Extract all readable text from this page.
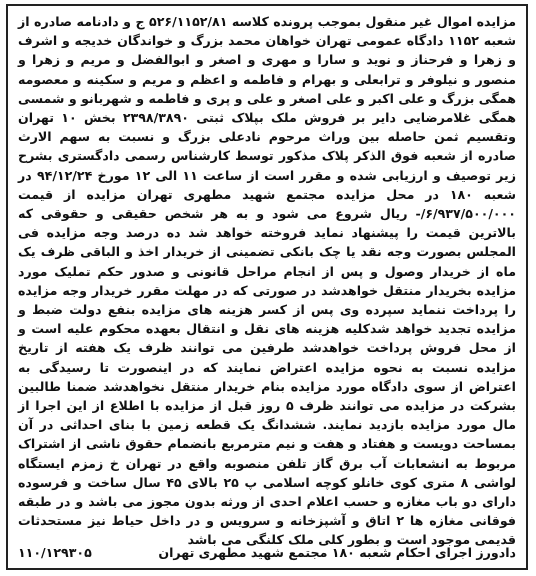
مزایده اموال غیر منقول بموجب پرونده کلاسه ۵۲۶/۱۱۵۲/۸۱ ج و دادنامه صادره از شعبه ۱۱۵۲ دادگاه عمومی تهران خواهان محمد بزرگ و خواندگان خدیجه و اشرف و زهرا و فرحناز و نوید و سارا و مهری و اصغر و ابوالفضل و مریم و زهرا و منصور و نیلوفر و ترابعلی و بهرام و فاطمه و اعظم و مریم و سکینه و معصومه همگی بزرگ و علی اکبر و علی اصغر و علی و پری و فاطمه و شهربانو و شمسی همگی غلامرضایی دایر بر فروش ملک بپلاک ثبتی ۲۳۹۸/۳۸۹۰ بخش ۱۰ تهران وتقسیم ثمن حاصله بین وراث مرحوم نادعلی بزرگ و نسبت به سهم الارث صادره از شعبه فوق الذکر پلاک مذکور توسط کارشناس رسمی دادگستری بشرح زیر توصیف و ارزیابی شده و مقرر است از ساعت ۱۱ الی ۱۲ مورخ ۹۴/۱۲/۲۴ در شعبه ۱۸۰ در محل مزایده مجتمع شهید مطهری تهران مزایده از قیمت ۶/۹۳۷/۵۰۰/۰۰۰/- ریال شروع می شود و به هر شخص حقیقی و حقوقی که بالاترین قیمت را پیشنهاد نماید فروخته خواهد شد ده درصد وجه مزایده فی المجلس بصورت وجه نقد یا چک بانکی تضمینی از خریدار اخذ و الباقی ظرف یک ماه از خریدار وصول و پس از انجام مراحل قانونی و صدور حکم تملیک مورد مزایده بخریدار منتقل خواهدشد در صورتی که در مهلت مقرر خریدار وجه مزایده را پرداخت ننماید سپرده وی پس از کسر هزینه های مزایده بنفع دولت ضبط و مزایده تجدید خواهد شدکلیه هزینه های نقل و انتقال بعهده محکوم علیه است و از محل فروش پرداخت خواهدشد طرفین می توانند ظرف یک هفته از تاریخ مزایده نسبت به نحوه مزایده اعتراض نمایند که در اینصورت تا رسیدگی به اعتراض از سوی دادگاه مورد مزایده بنام خریدار منتقل نخواهدشد ضمنا طالبین بشرکت در مزایده می توانند ظرف ۵ روز قبل از مزایده با اطلاع از این اجرا از مال مورد مزایده بازدید نمایند. ششدانگ یک قطعه زمین با بنای احداثی در آن بمساحت دویست و هفتاد و هفت و نیم مترمربع بانضمام حقوق ناشی از اشتراک مربوط به انشعابات آب برق گاز تلفن منصوبه واقع در تهران خ زمزم ایستگاه لواشی ۸ متری کوی خانلو کوچه اسلامی پ ۲۵ بالای ۴۵ سال ساخت و فرسوده دارای دو باب مغازه و حسب اعلام احدی از ورثه بدون مجوز می باشد و در طبقه فوقانی مغازه ها ۲ اتاق و آشپزخانه و سرویس و در داخل حیاط نیز مستحدثات قدیمی موجود است و بطور کلی ملک کلنگی می باشد

دادورز اجرای احکام شعبه ۱۸۰ مجتمع شهید مطهری تهران
۱۱۰/۱۲۹۳۰۵
